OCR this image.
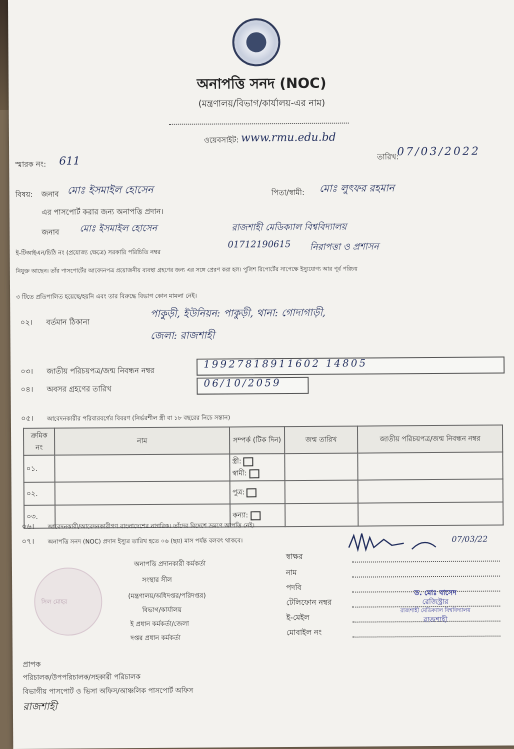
অনাপত্তি সনদ (NOC)
(মন্ত্রণালয়/বিভাগ/কার্যালয়-এর নাম)
ওয়েবসাইট: www.rmu.edu.bd
স্মারক নং: 611	তারিখ:
07/03/2022
বিষয়: জনাব মোঃ ইসমাইল হোসেন	পিতা/স্বামী: মোঃ লুৎফর রহমান
এর পাসপোর্ট করার জন্য অনাপত্তি প্রদান।
জনাব মোঃ ইসমাইল হোসেন	রাজশাহী মেডিক্যাল বিশ্ববিদ্যালয়
ই-টিআইএন/চিঠি নং (প্রযোজ্য ক্ষেত্রে) সরকারি পরিচিতি নম্বর
01712190615 নিরাপত্তা ও প্রশাসন
নিযুক্ত আছেন। তাঁর পাসপোর্টের আবেদনপত্র প্রয়োজনীয় ব্যবস্থা গ্রহণের জন্য এর সঙ্গে প্রেরণ করা হল। পুলিশ রিপোর্টের সাপেক্ষে ইস্যুযোগ্য আর পূর্ব পরিচয়
৩ টিতে প্রতিপালিত হয়েছে/হয়নি এবং তার বিরুদ্ধে বিভাগ কোন মামলা নেই।
০২। বর্তমান ঠিকানা
পাকুড়ী, ইউনিয়ন: পাকুড়ী, থানা: গোদাগাড়ী,
জেলা: রাজশাহী
০৩। জাতীয় পরিচয়পত্র/জন্ম নিবন্ধন নম্বর
19927818911602 14805
০৪। অবসর গ্রহণের তারিখ	06/10/2059
০৫। আবেদনকারীর পরিবারবর্গের বিবরণ (নির্ভরশীল স্ত্রী বা ১৮ বছরের নিচে সন্তান)
ক্রমিক নং	নাম	সম্পর্ক (টিক দিন)	জন্ম তারিখ	জাতীয় পরিচয়পত্র/জন্ম নিবন্ধন নম্বর
০১.		স্ত্রী:
স্বামী:		

০২.		পুত্র:		
০৩.		কন্যা:		
০৬। আবেদনকারী/আবেদনকারীগণ বাংলাদেশের নাগরিক। তাঁদের বিদেশে ভ্রমণে আপত্তি নেই।
০৭। অনাপত্তি সনদ (NOC) প্রদান ইস্যুর তারিখ হতে ০৬ (ছয়) মাস পর্যন্ত বলবৎ থাকবে।	07/03/22
অনাপত্তি প্রদানকারী কর্মকর্তা
সংস্থার সীল
(মন্ত্রণালয়/অধিদপ্তর/পরিদপ্তর)
বিভাগ/কার্যালয়
ই প্রধান কর্মকর্তা/জেলা
দপ্তর প্রধান কর্মকর্তা
স্বাক্ষর
নাম
পদবি
টেলিফোন নম্বর
ই-মেইল
মোবাইল নং
সিল মোহর
ড. মোঃ বাসেদ
রেজিস্ট্রার
রাজশাহী মেডিক্যাল বিশ্ববিদ্যালয়
রাজশাহী
প্রাপক
পরিচালক/উপপরিচালক/সহকারী পরিচালক
বিভাগীয় পাসপোর্ট ও ভিসা অফিস/আঞ্চলিক পাসপোর্ট অফিস
রাজশাহী
